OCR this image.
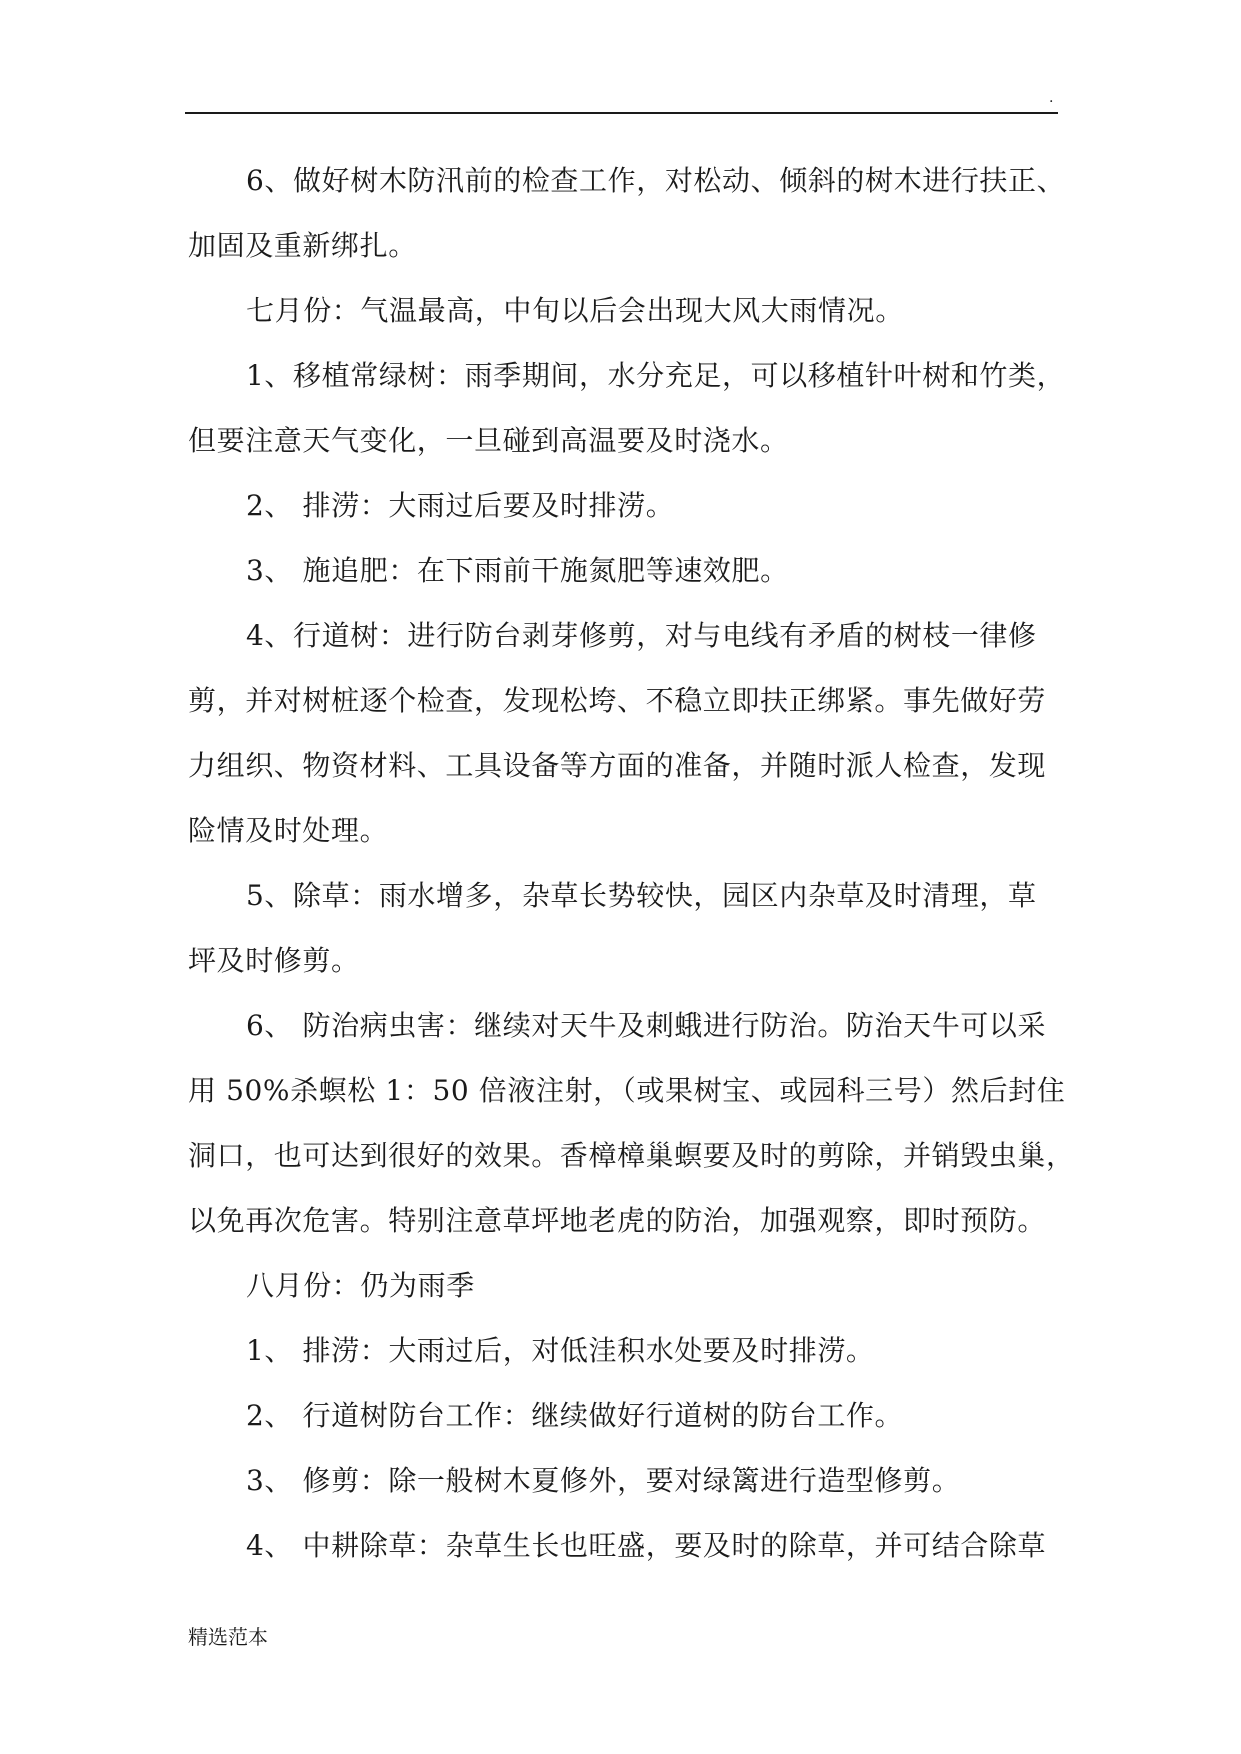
.

6、做好树木防汛前的检查工作，对松动、倾斜的树木进行扶正、
加固及重新绑扎。

七月份：气温最高，中旬以后会出现大风大雨情况。

1、移植常绿树：雨季期间，水分充足，可以移植针叶树和竹类，
但要注意天气变化，一旦碰到高温要及时浇水。

2、 排涝：大雨过后要及时排涝。

3、 施追肥：在下雨前干施氮肥等速效肥。

4、行道树：进行防台剥芽修剪，对与电线有矛盾的树枝一律修
剪，并对树桩逐个检查，发现松垮、不稳立即扶正绑紧。事先做好劳
力组织、物资材料、工具设备等方面的准备，并随时派人检查，发现
险情及时处理。

5、除草：雨水增多，杂草长势较快，园区内杂草及时清理，草
坪及时修剪。

6、 防治病虫害：继续对天牛及刺蛾进行防治。防治天牛可以采
用 50%杀螟松 1：50 倍液注射，（或果树宝、或园科三号）然后封住
洞口，也可达到很好的效果。香樟樟巢螟要及时的剪除，并销毁虫巢，
以免再次危害。特别注意草坪地老虎的防治，加强观察，即时预防。

八月份：仍为雨季

1、 排涝：大雨过后，对低洼积水处要及时排涝。

2、 行道树防台工作：继续做好行道树的防台工作。

3、 修剪：除一般树木夏修外，要对绿篱进行造型修剪。

4、 中耕除草：杂草生长也旺盛，要及时的除草，并可结合除草

精选范本
